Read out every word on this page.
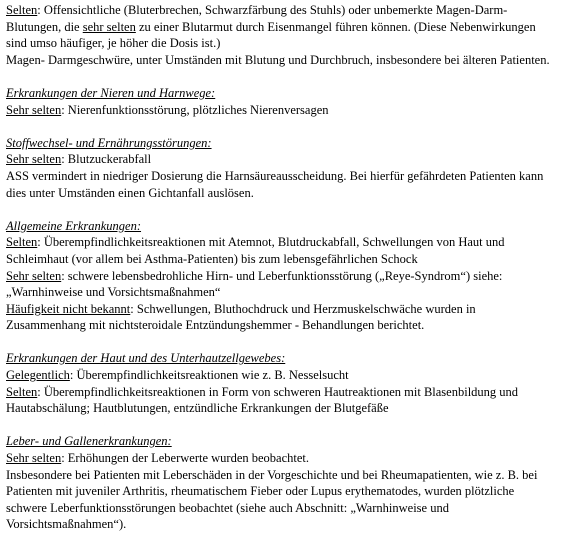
Selten: Offensichtliche (Bluterbrechen, Schwarzfärbung des Stuhls) oder unbemerkte Magen-Darm-Blutungen, die sehr selten zu einer Blutarmut durch Eisenmangel führen können. (Diese Nebenwirkungen sind umso häufiger, je höher die Dosis ist.)

Magen- Darmgeschwüre, unter Umständen mit Blutung und Durchbruch, insbesondere bei älteren Patienten.

Erkrankungen der Nieren und Harnwege:

Sehr selten: Nierenfunktionsstörung, plötzliches Nierenversagen

Stoffwechsel- und Ernährungsstörungen:

Sehr selten: Blutzuckerabfall

ASS vermindert in niedriger Dosierung die Harnsäureausscheidung. Bei hierfür gefährdeten Patienten kann dies unter Umständen einen Gichtanfall auslösen.

Allgemeine Erkrankungen:

Selten: Überempfindlichkeitsreaktionen mit Atemnot, Blutdruckabfall, Schwellungen von Haut und Schleimhaut (vor allem bei Asthma-Patienten) bis zum lebensgefährlichen Schock

Sehr selten: schwere lebensbedrohliche Hirn- und Leberfunktionsstörung („Reye-Syndrom“) siehe: „Warnhinweise und Vorsichtsmaßnahmen“

Häufigkeit nicht bekannt: Schwellungen, Bluthochdruck und Herzmuskelschwäche wurden in Zusammenhang mit nichtsteroidale Entzündungshemmer - Behandlungen berichtet.

Erkrankungen der Haut und des Unterhautzellgewebes:

Gelegentlich: Überempfindlichkeitsreaktionen wie z. B. Nesselsucht

Selten: Überempfindlichkeitsreaktionen in Form von schweren Hautreaktionen mit Blasenbildung und Hautabschälung; Hautblutungen, entzündliche Erkrankungen der Blutgefäße

Leber- und Gallenerkrankungen:

Sehr selten: Erhöhungen der Leberwerte wurden beobachtet.

Insbesondere bei Patienten mit Leberschäden in der Vorgeschichte und bei Rheumapatienten, wie z. B. bei Patienten mit juveniler Arthritis, rheumatischem Fieber oder Lupus erythematodes, wurden plötzliche schwere Leberfunktionsstörungen beobachtet (siehe auch Abschnitt: „Warnhinweise und Vorsichtsmaßnahmen“).
